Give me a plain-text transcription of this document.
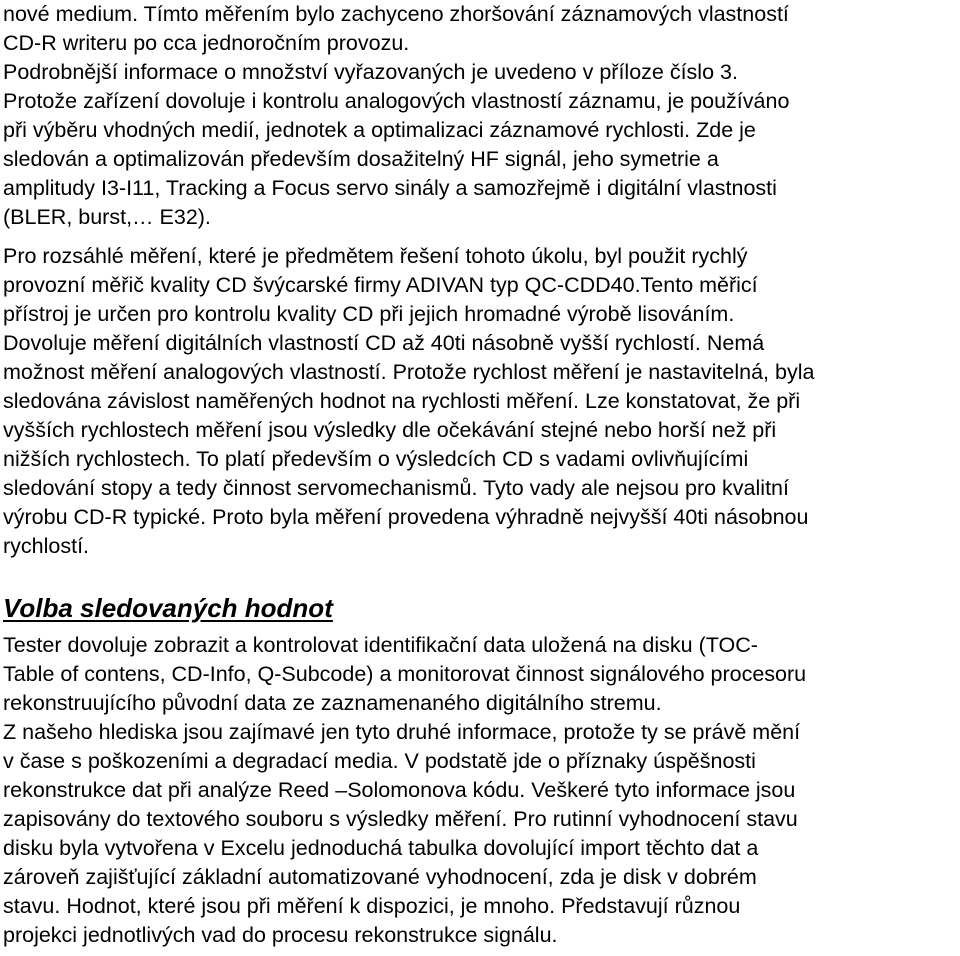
nové medium. Tímto měřením bylo zachyceno zhoršování záznamových vlastností
CD-R writeru po cca jednoročním provozu.
Podrobnější informace o množství vyřazovaných je uvedeno v příloze číslo 3.
Protože zařízení dovoluje i kontrolu analogových vlastností záznamu, je používáno
při výběru vhodných medií, jednotek a optimalizaci záznamové rychlosti. Zde je
sledován a optimalizován především dosažitelný HF signál, jeho symetrie a
amplitudy I3-I11, Tracking a Focus servo sinály a samozřejmě i digitální vlastnosti
(BLER, burst,… E32).
Pro rozsáhlé měření, které je předmětem řešení tohoto úkolu, byl použit rychlý
provozní měřič kvality CD švýcarské firmy ADIVAN typ QC-CDD40.Tento měřicí
přístroj je určen pro kontrolu kvality CD při jejich hromadné výrobě lisováním.
Dovoluje měření digitálních vlastností CD až 40ti násobně vyšší rychlostí. Nemá
možnost měření analogových vlastností. Protože rychlost měření je nastavitelná, byla
sledována závislost naměřených hodnot na rychlosti měření. Lze konstatovat, že při
vyšších rychlostech měření jsou výsledky dle očekávání stejné nebo horší než při
nižších rychlostech. To platí především o výsledcích CD s vadami ovlivňujícími
sledování stopy a tedy činnost servomechanismů. Tyto vady ale nejsou pro kvalitní
výrobu CD-R typické. Proto byla měření provedena výhradně nejvyšší 40ti násobnou
rychlostí.
Volba sledovaných hodnot
Tester dovoluje zobrazit a kontrolovat identifikační data uložená na disku (TOC-
Table of contens, CD-Info, Q-Subcode) a monitorovat činnost signálového procesoru
rekonstruujícího původní data ze zaznamenaného digitálního stremu.
Z našeho hlediska jsou zajímavé jen tyto druhé informace, protože ty se právě mění
v čase s poškozeními a degradací media. V podstatě jde o příznaky úspěšnosti
rekonstrukce dat při analýze Reed –Solomonova kódu. Veškeré tyto informace jsou
zapisovány do textového souboru s výsledky měření. Pro rutinní vyhodnocení stavu
disku byla vytvořena v Excelu jednoduchá tabulka dovolující import těchto dat a
zároveň zajišťující základní automatizované vyhodnocení, zda je disk v dobrém
stavu. Hodnot, které jsou při měření k dispozici, je mnoho. Představují různou
projekci jednotlivých vad do procesu rekonstrukce signálu.
